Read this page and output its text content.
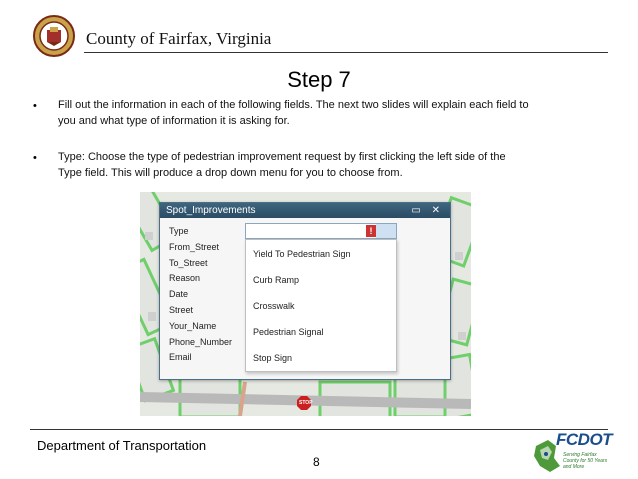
County of Fairfax, Virginia
Step 7
• Fill out the information in each of the following fields. The next two slides will explain each field to
you and what type of information it is asking for.
• Type: Choose the type of pedestrian improvement request by first clicking the left side of the
Type field. This will produce a drop down menu for you to choose from.
STOP
Spot_Improvements	▭ ✕
Type
From_Street
To_Street
Reason
Date
Street
Your_Name
Phone_Number
Email
!
Yield To Pedestrian Sign
Curb Ramp
Crosswalk
Pedestrian Signal
Stop Sign
Department of Transportation
8
FCDOT
Serving Fairfax County for 50 Years and More
